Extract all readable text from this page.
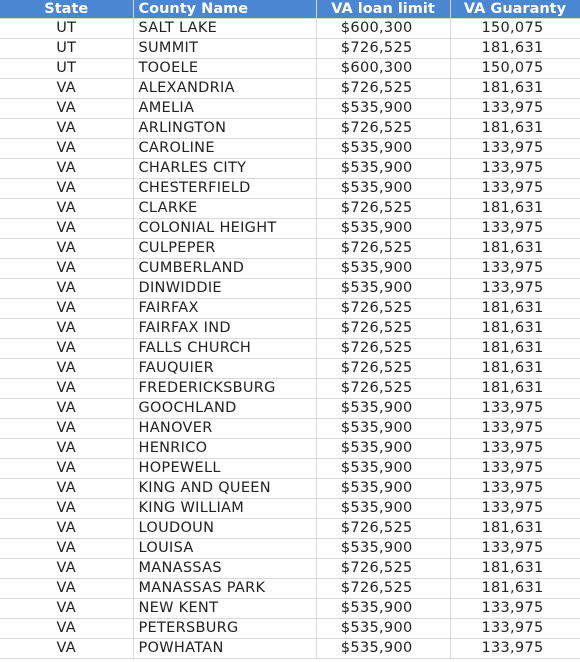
State	County Name	VA loan limit	VA Guaranty
UT	SALT LAKE	$600,300	150,075
UT	SUMMIT	$726,525	181,631
UT	TOOELE	$600,300	150,075
VA	ALEXANDRIA	$726,525	181,631
VA	AMELIA	$535,900	133,975
VA	ARLINGTON	$726,525	181,631
VA	CAROLINE	$535,900	133,975
VA	CHARLES CITY	$535,900	133,975
VA	CHESTERFIELD	$535,900	133,975
VA	CLARKE	$726,525	181,631
VA	COLONIAL HEIGHT	$535,900	133,975
VA	CULPEPER	$726,525	181,631
VA	CUMBERLAND	$535,900	133,975
VA	DINWIDDIE	$535,900	133,975
VA	FAIRFAX	$726,525	181,631
VA	FAIRFAX IND	$726,525	181,631
VA	FALLS CHURCH	$726,525	181,631
VA	FAUQUIER	$726,525	181,631
VA	FREDERICKSBURG	$726,525	181,631
VA	GOOCHLAND	$535,900	133,975
VA	HANOVER	$535,900	133,975
VA	HENRICO	$535,900	133,975
VA	HOPEWELL	$535,900	133,975
VA	KING AND QUEEN	$535,900	133,975
VA	KING WILLIAM	$535,900	133,975
VA	LOUDOUN	$726,525	181,631
VA	LOUISA	$535,900	133,975
VA	MANASSAS	$726,525	181,631
VA	MANASSAS PARK	$726,525	181,631
VA	NEW KENT	$535,900	133,975
VA	PETERSBURG	$535,900	133,975
VA	POWHATAN	$535,900	133,975
